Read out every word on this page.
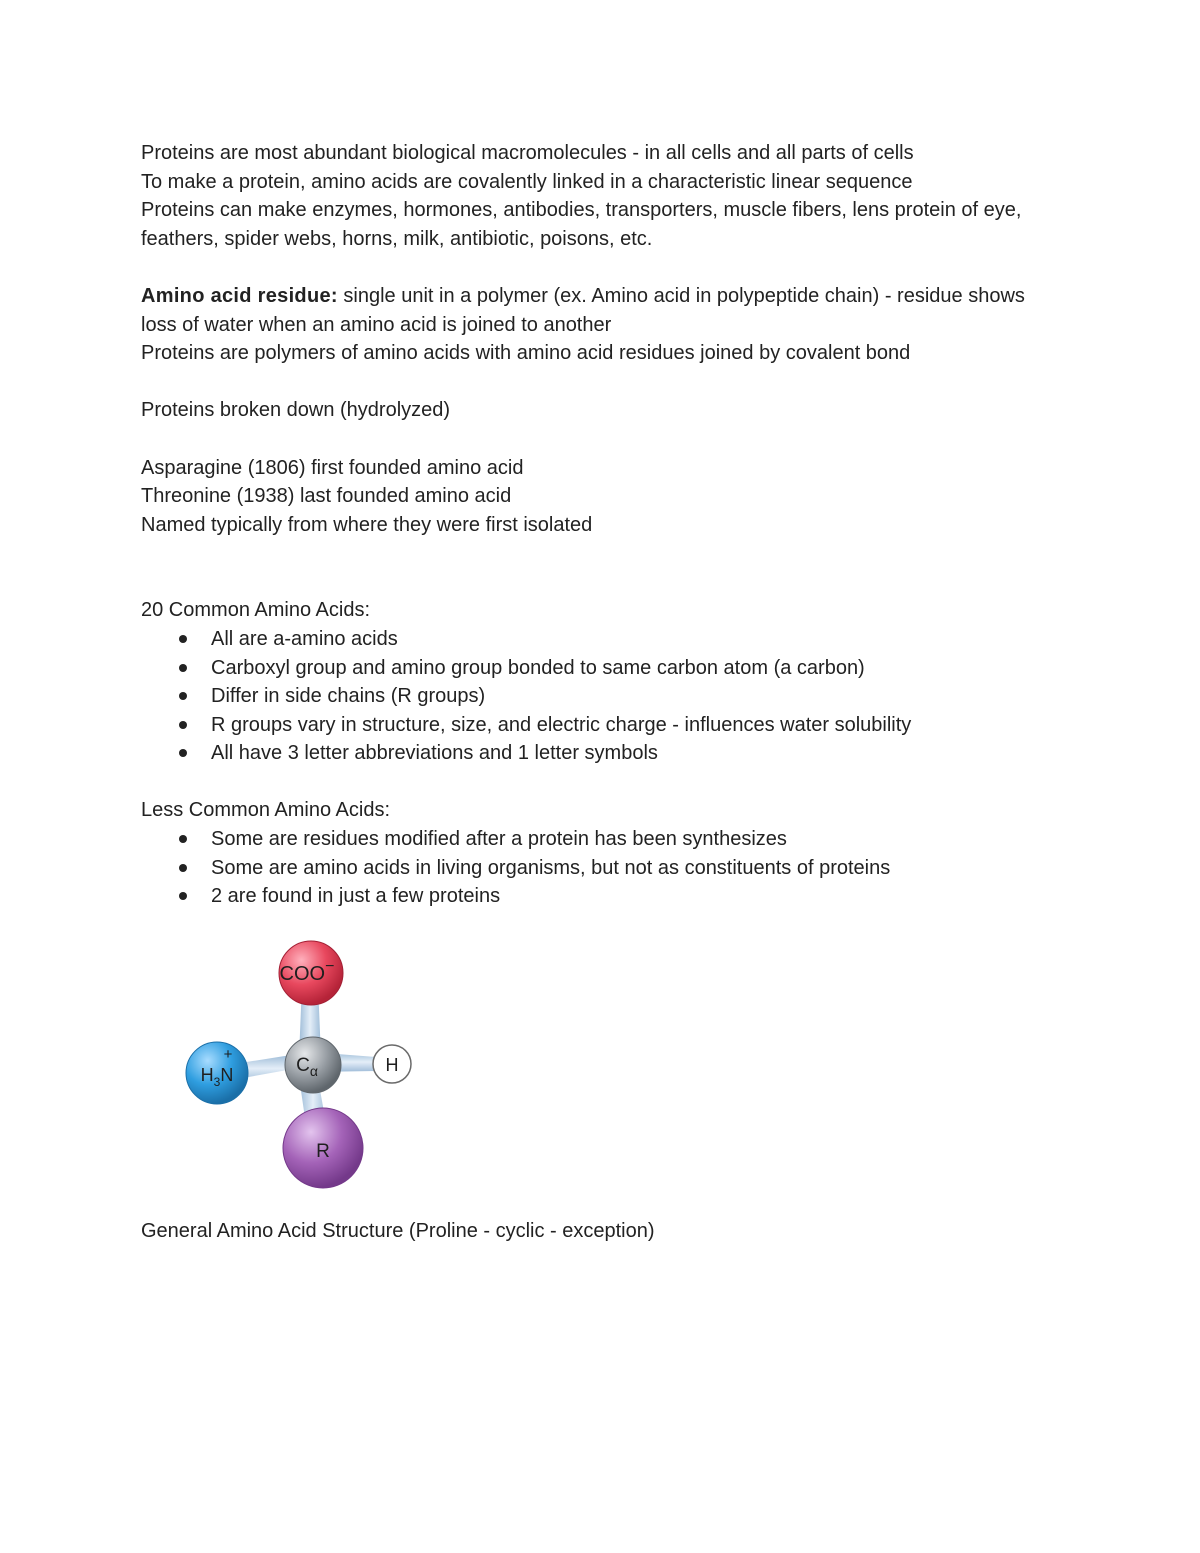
Proteins are most abundant biological macromolecules - in all cells and all parts of cells

To make a protein, amino acids are covalently linked in a characteristic linear sequence

Proteins can make enzymes, hormones, antibodies, transporters, muscle fibers, lens protein of eye, feathers, spider webs, horns, milk, antibiotic, poisons, etc.

Amino acid residue: single unit in a polymer (ex. Amino acid in polypeptide chain) - residue shows loss of water when an amino acid is joined to another

Proteins are polymers of amino acids with amino acid residues joined by covalent bond

Proteins broken down (hydrolyzed)

Asparagine (1806) first founded amino acid

Threonine (1938) last founded amino acid

Named typically from where they were first isolated

20 Common Amino Acids:

All are a-amino acids
Carboxyl group and amino group bonded to same carbon atom (a carbon)
Differ in side chains (R groups)
R groups vary in structure, size, and electric charge - influences water solubility
All have 3 letter abbreviations and 1 letter symbols

Less Common Amino Acids:

Some are residues modified after a protein has been synthesizes
Some are amino acids in living organisms, but not as constituents of proteins
2 are found in just a few proteins
COO−
+
$H_3N$	$C_\alpha$	H
R

General Amino Acid Structure (Proline - cyclic - exception)
